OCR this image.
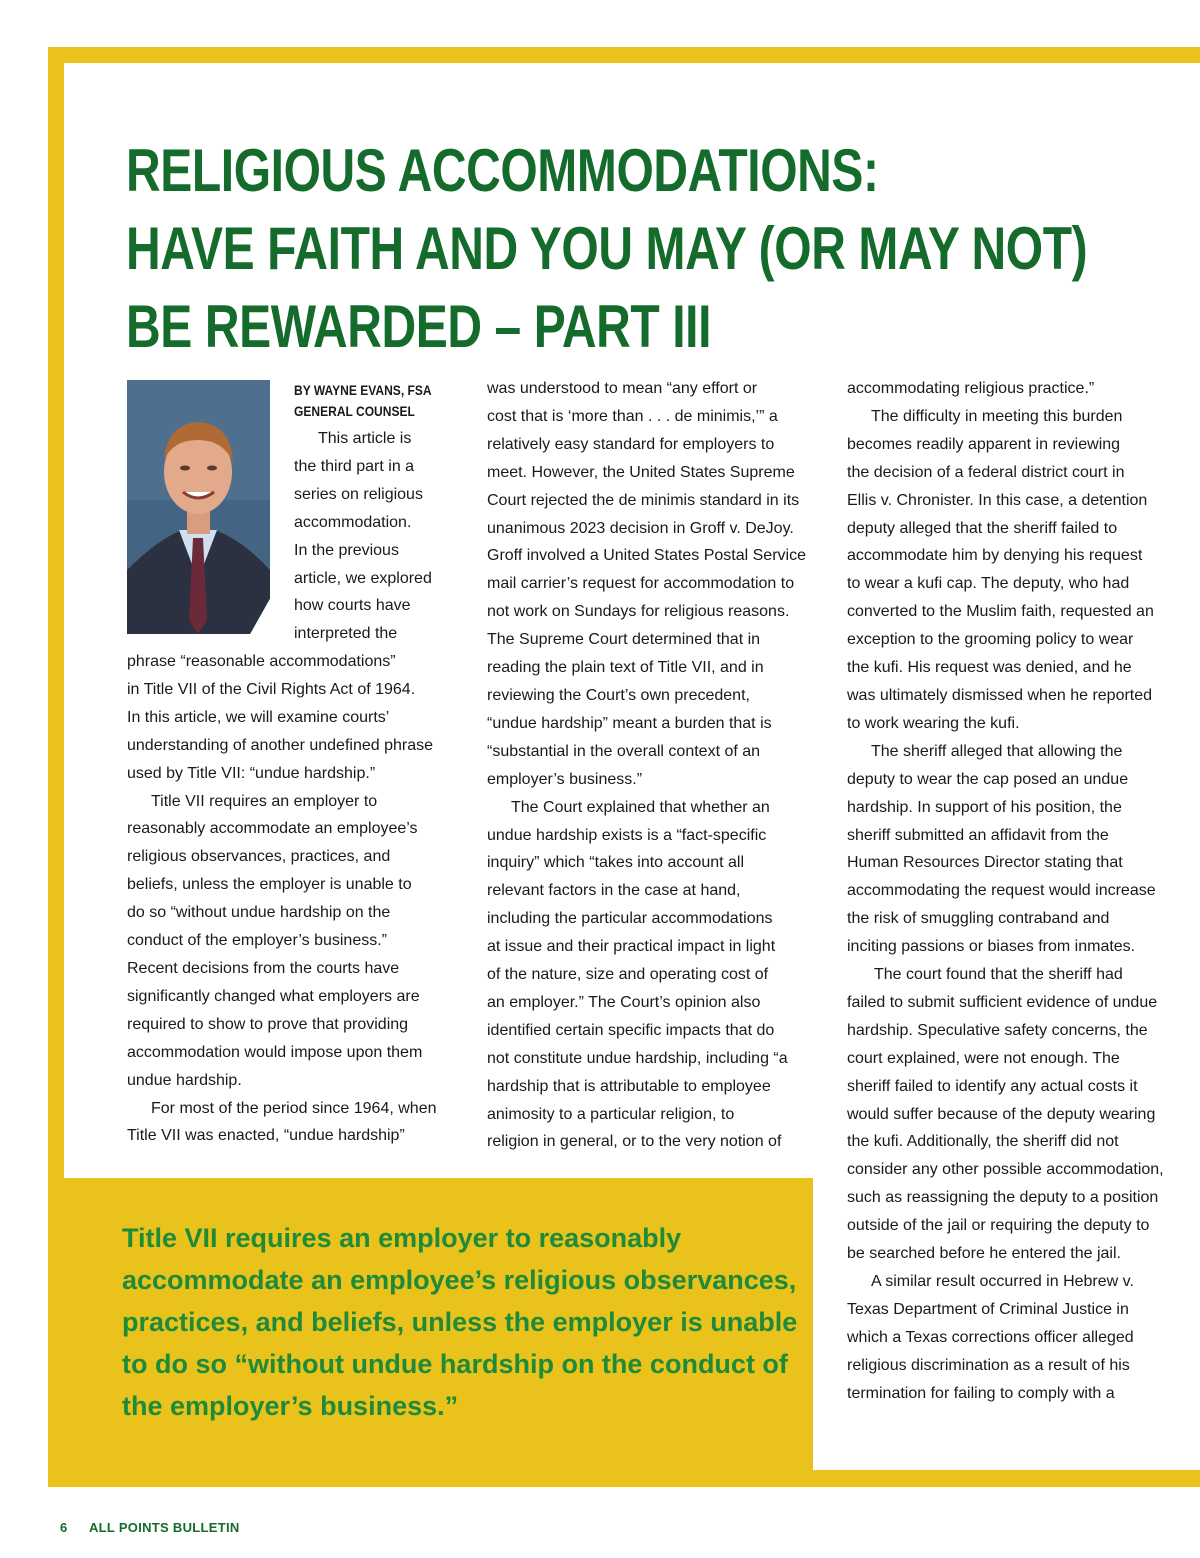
RELIGIOUS ACCOMMODATIONS:
HAVE FAITH AND YOU MAY (OR MAY NOT)
BE REWARDED – PART III
BY WAYNE EVANS, FSA
GENERAL COUNSEL
This article is
the third part in a
series on religious
accommodation.
In the previous
article, we explored
how courts have
interpreted the
phrase “reasonable accommodations”
in Title VII of the Civil Rights Act of 1964.
In this article, we will examine courts’
understanding of another undefined phrase
used by Title VII: “undue hardship.”
Title VII requires an employer to
reasonably accommodate an employee’s
religious observances, practices, and
beliefs, unless the employer is unable to
do so “without undue hardship on the
conduct of the employer’s business.”
Recent decisions from the courts have
significantly changed what employers are
required to show to prove that providing
accommodation would impose upon them
undue hardship.
For most of the period since 1964, when
Title VII was enacted, “undue hardship”
was understood to mean “any effort or
cost that is ‘more than . . . de minimis,’” a
relatively easy standard for employers to
meet. However, the United States Supreme
Court rejected the de minimis standard in its
unanimous 2023 decision in Groff v. DeJoy.
Groff involved a United States Postal Service
mail carrier’s request for accommodation to
not work on Sundays for religious reasons.
The Supreme Court determined that in
reading the plain text of Title VII, and in
reviewing the Court’s own precedent,
“undue hardship” meant a burden that is
“substantial in the overall context of an
employer’s business.”
The Court explained that whether an
undue hardship exists is a “fact-specific
inquiry” which “takes into account all
relevant factors in the case at hand,
including the particular accommodations
at issue and their practical impact in light
of the nature, size and operating cost of
an employer.” The Court’s opinion also
identified certain specific impacts that do
not constitute undue hardship, including “a
hardship that is attributable to employee
animosity to a particular religion, to
religion in general, or to the very notion of
accommodating religious practice.”
The difficulty in meeting this burden
becomes readily apparent in reviewing
the decision of a federal district court in
Ellis v. Chronister. In this case, a detention
deputy alleged that the sheriff failed to
accommodate him by denying his request
to wear a kufi cap. The deputy, who had
converted to the Muslim faith, requested an
exception to the grooming policy to wear
the kufi. His request was denied, and he
was ultimately dismissed when he reported
to work wearing the kufi.
The sheriff alleged that allowing the
deputy to wear the cap posed an undue
hardship. In support of his position, the
sheriff submitted an affidavit from the
Human Resources Director stating that
accommodating the request would increase
the risk of smuggling contraband and
inciting passions or biases from inmates.
The court found that the sheriff had
failed to submit sufficient evidence of undue
hardship. Speculative safety concerns, the
court explained, were not enough. The
sheriff failed to identify any actual costs it
would suffer because of the deputy wearing
the kufi. Additionally, the sheriff did not
consider any other possible accommodation,
such as reassigning the deputy to a position
outside of the jail or requiring the deputy to
be searched before he entered the jail.
A similar result occurred in Hebrew v.
Texas Department of Criminal Justice in
which a Texas corrections officer alleged
religious discrimination as a result of his
termination for failing to comply with a
Title VII requires an employer to reasonably
accommodate an employee’s religious observances,
practices, and beliefs, unless the employer is unable
to do so “without undue hardship on the conduct of
the employer’s business.”
6 ALL POINTS BULLETIN
